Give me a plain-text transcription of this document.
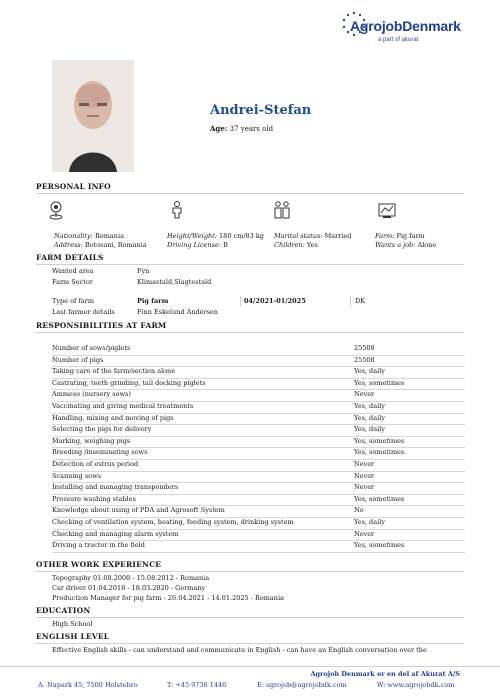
AgrojobDenmark
a part of akurat
Andrei-Stefan
Age: 37 years old
PERSONAL INFO
Nationality: Romania
Address: Botosani, Romania
Height/Weight: 180 cm/83 kg
Driving License: B
Marital status: Married
Children: Yes
Farm: Pig farm
Wants a job: Alone
FARM DETAILS
Wanted area	Fyn
Farm Sector	Klimastald,Slagtestald
Type of farm	Pig farm	04/2021-01/2025	DK
Last farmer details	Finn Eskelund Andersen
RESPONSIBILITIES AT FARM
Number of sows/piglets	25508
Number of pigs	25508
Taking care of the farm/section alone	Yes, daily
Castrating, teeth grinding, tail docking piglets	Yes, sometimes
Ammeso (nursery sows)	Never
Vaccinating and giving medical treatments	Yes, daily
Handling, mixing and moving of pigs	Yes, daily
Selecting the pigs for delivery	Yes, daily
Marking, weighing pigs	Yes, sometimes
Breeding /inseminating sows	Yes, sometimes
Detection of estrus period	Never
Scanning sows	Never
Installing and managing transponders	Never
Pressure washing stables	Yes, sometimes
Knowledge about using of PDA and Agrosoft System	No
Checking of ventilation system, heating, feeding system, drinking system	Yes, daily
Checking and managing alarm system	Never
Driving a tractor in the field	Yes, sometimes
OTHER WORK EXPERIENCE
Topography 01.08.2008 - 15.08.2012 - Romania
Car driver 01.04.2018 - 18.03.2020 - Germany
Production Manager for pig farm - 26.04.2021 - 14.01.2025 - Romania
EDUCATION
High School
ENGLISH LEVEL
Effective English skills - can understand and communicate in English - can have an English conversation over the
Agrojob Denmark er en del af Akurat A/S
A: Nupark 45, 7500 Holstebro	T: +45 9736 1446	E: agrojob@agrojobdk.com	W: www.agrojobdk.com
